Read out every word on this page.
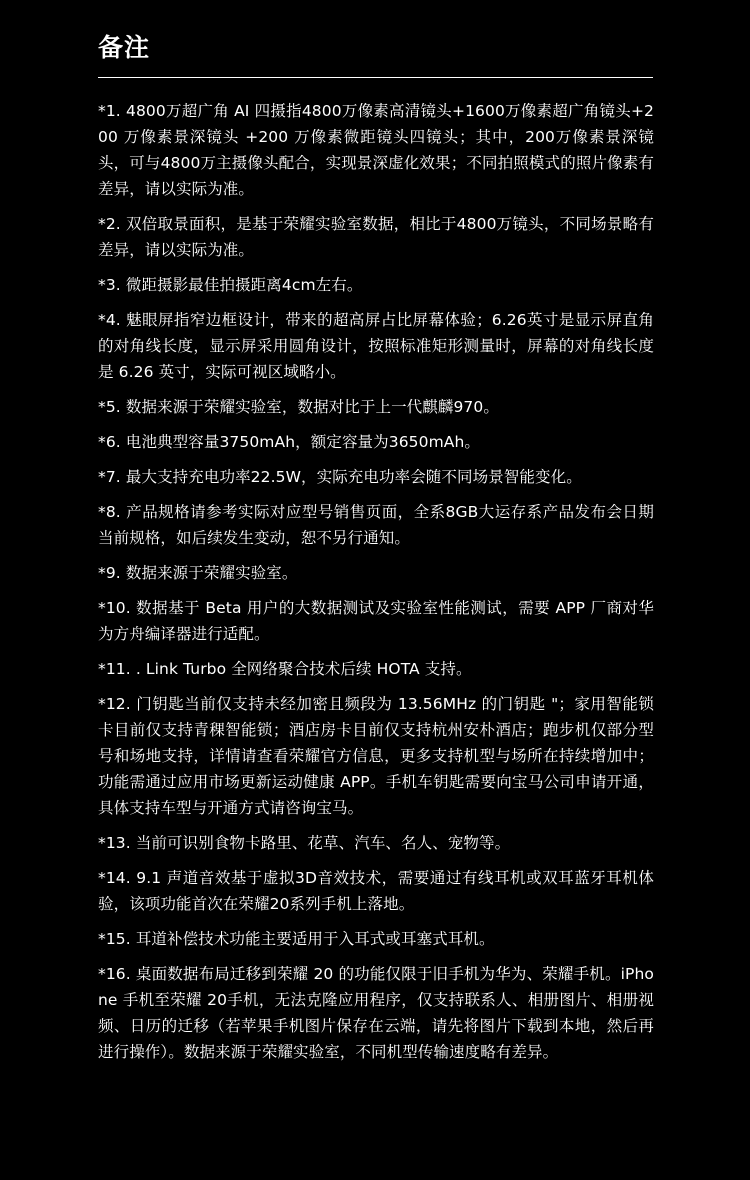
备注
*1. 4800万超广角 AI 四摄指4800万像素高清镜头+1600万像素超广角镜头+200 万像素景深镜头 +200 万像素微距镜头四镜头；其中，200万像素景深镜头，可与4800万主摄像头配合，实现景深虚化效果；不同拍照模式的照片像素有差异，请以实际为准。
*2. 双倍取景面积，是基于荣耀实验室数据，相比于4800万镜头，不同场景略有差异，请以实际为准。
*3. 微距摄影最佳拍摄距离4cm左右。
*4. 魅眼屏指窄边框设计，带来的超高屏占比屏幕体验；6.26英寸是显示屏直角的对角线长度，显示屏采用圆角设计，按照标准矩形测量时，屏幕的对角线长度是 6.26 英寸，实际可视区域略小。
*5. 数据来源于荣耀实验室，数据对比于上一代麒麟970。
*6. 电池典型容量3750mAh，额定容量为3650mAh。
*7. 最大支持充电功率22.5W，实际充电功率会随不同场景智能变化。
*8. 产品规格请参考实际对应型号销售页面，全系8GB大运存系产品发布会日期当前规格，如后续发生变动，恕不另行通知。
*9. 数据来源于荣耀实验室。
*10. 数据基于 Beta 用户的大数据测试及实验室性能测试，需要 APP 厂商对华为方舟编译器进行适配。
*11. . Link Turbo 全网络聚合技术后续 HOTA 支持。
*12. 门钥匙当前仅支持未经加密且频段为 13.56MHz 的门钥匙 "；家用智能锁卡目前仅支持青稞智能锁；酒店房卡目前仅支持杭州安朴酒店；跑步机仅部分型号和场地支持，详情请查看荣耀官方信息，更多支持机型与场所在持续增加中；功能需通过应用市场更新运动健康 APP。手机车钥匙需要向宝马公司申请开通，具体支持车型与开通方式请咨询宝马。
*13. 当前可识别食物卡路里、花草、汽车、名人、宠物等。
*14. 9.1 声道音效基于虚拟3D音效技术，需要通过有线耳机或双耳蓝牙耳机体验，该项功能首次在荣耀20系列手机上落地。
*15. 耳道补偿技术功能主要适用于入耳式或耳塞式耳机。
*16. 桌面数据布局迁移到荣耀 20 的功能仅限于旧手机为华为、荣耀手机。iPhone 手机至荣耀 20手机，无法克隆应用程序，仅支持联系人、相册图片、相册视频、日历的迁移（若苹果手机图片保存在云端，请先将图片下载到本地，然后再进行操作）。数据来源于荣耀实验室，不同机型传输速度略有差异。
